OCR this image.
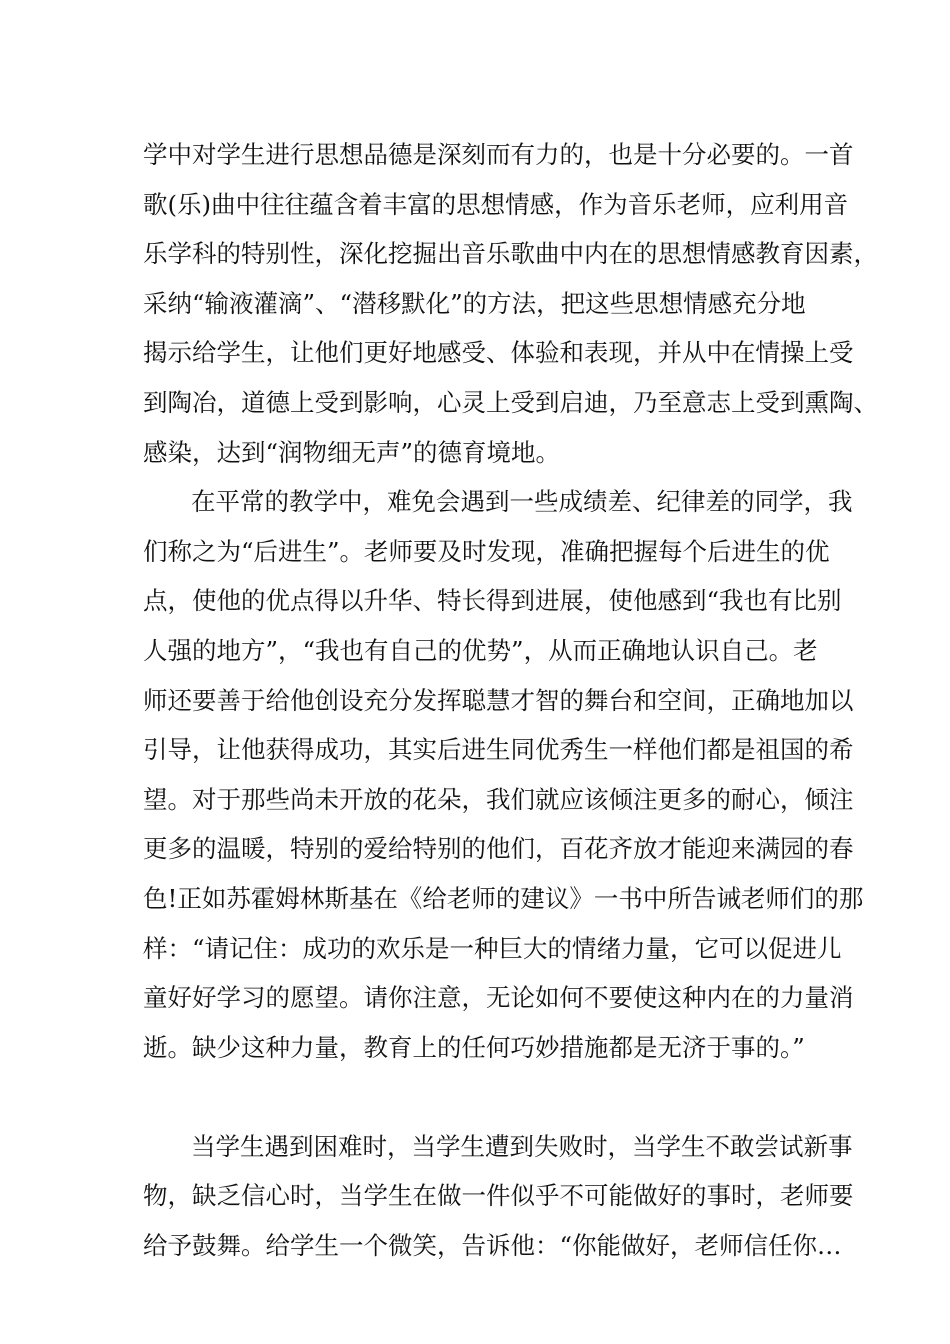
学中对学生进行思想品德是深刻而有力的，也是十分必要的。一首

歌(乐)曲中往往蕴含着丰富的思想情感，作为音乐老师，应利用音

乐学科的特别性，深化挖掘出音乐歌曲中内在的思想情感教育因素，

采纳“输液灌滴”、“潜移默化”的方法，把这些思想情感充分地

揭示给学生，让他们更好地感受、体验和表现，并从中在情操上受

到陶冶，道德上受到影响，心灵上受到启迪，乃至意志上受到熏陶、

感染，达到“润物细无声”的德育境地。

在平常的教学中，难免会遇到一些成绩差、纪律差的同学，我

们称之为“后进生”。老师要及时发现，准确把握每个后进生的优

点，使他的优点得以升华、特长得到进展，使他感到“我也有比别

人强的地方”，“我也有自己的优势”，从而正确地认识自己。老

师还要善于给他创设充分发挥聪慧才智的舞台和空间，正确地加以

引导，让他获得成功，其实后进生同优秀生一样他们都是祖国的希

望。对于那些尚未开放的花朵，我们就应该倾注更多的耐心，倾注

更多的温暖，特别的爱给特别的他们，百花齐放才能迎来满园的春

色!正如苏霍姆林斯基在《给老师的建议》一书中所告诫老师们的那

样：“请记住：成功的欢乐是一种巨大的情绪力量，它可以促进儿

童好好学习的愿望。请你注意，无论如何不要使这种内在的力量消

逝。缺少这种力量，教育上的任何巧妙措施都是无济于事的。”

当学生遇到困难时，当学生遭到失败时，当学生不敢尝试新事

物，缺乏信心时，当学生在做一件似乎不可能做好的事时，老师要

给予鼓舞。给学生一个微笑，告诉他：“你能做好，老师信任你…
